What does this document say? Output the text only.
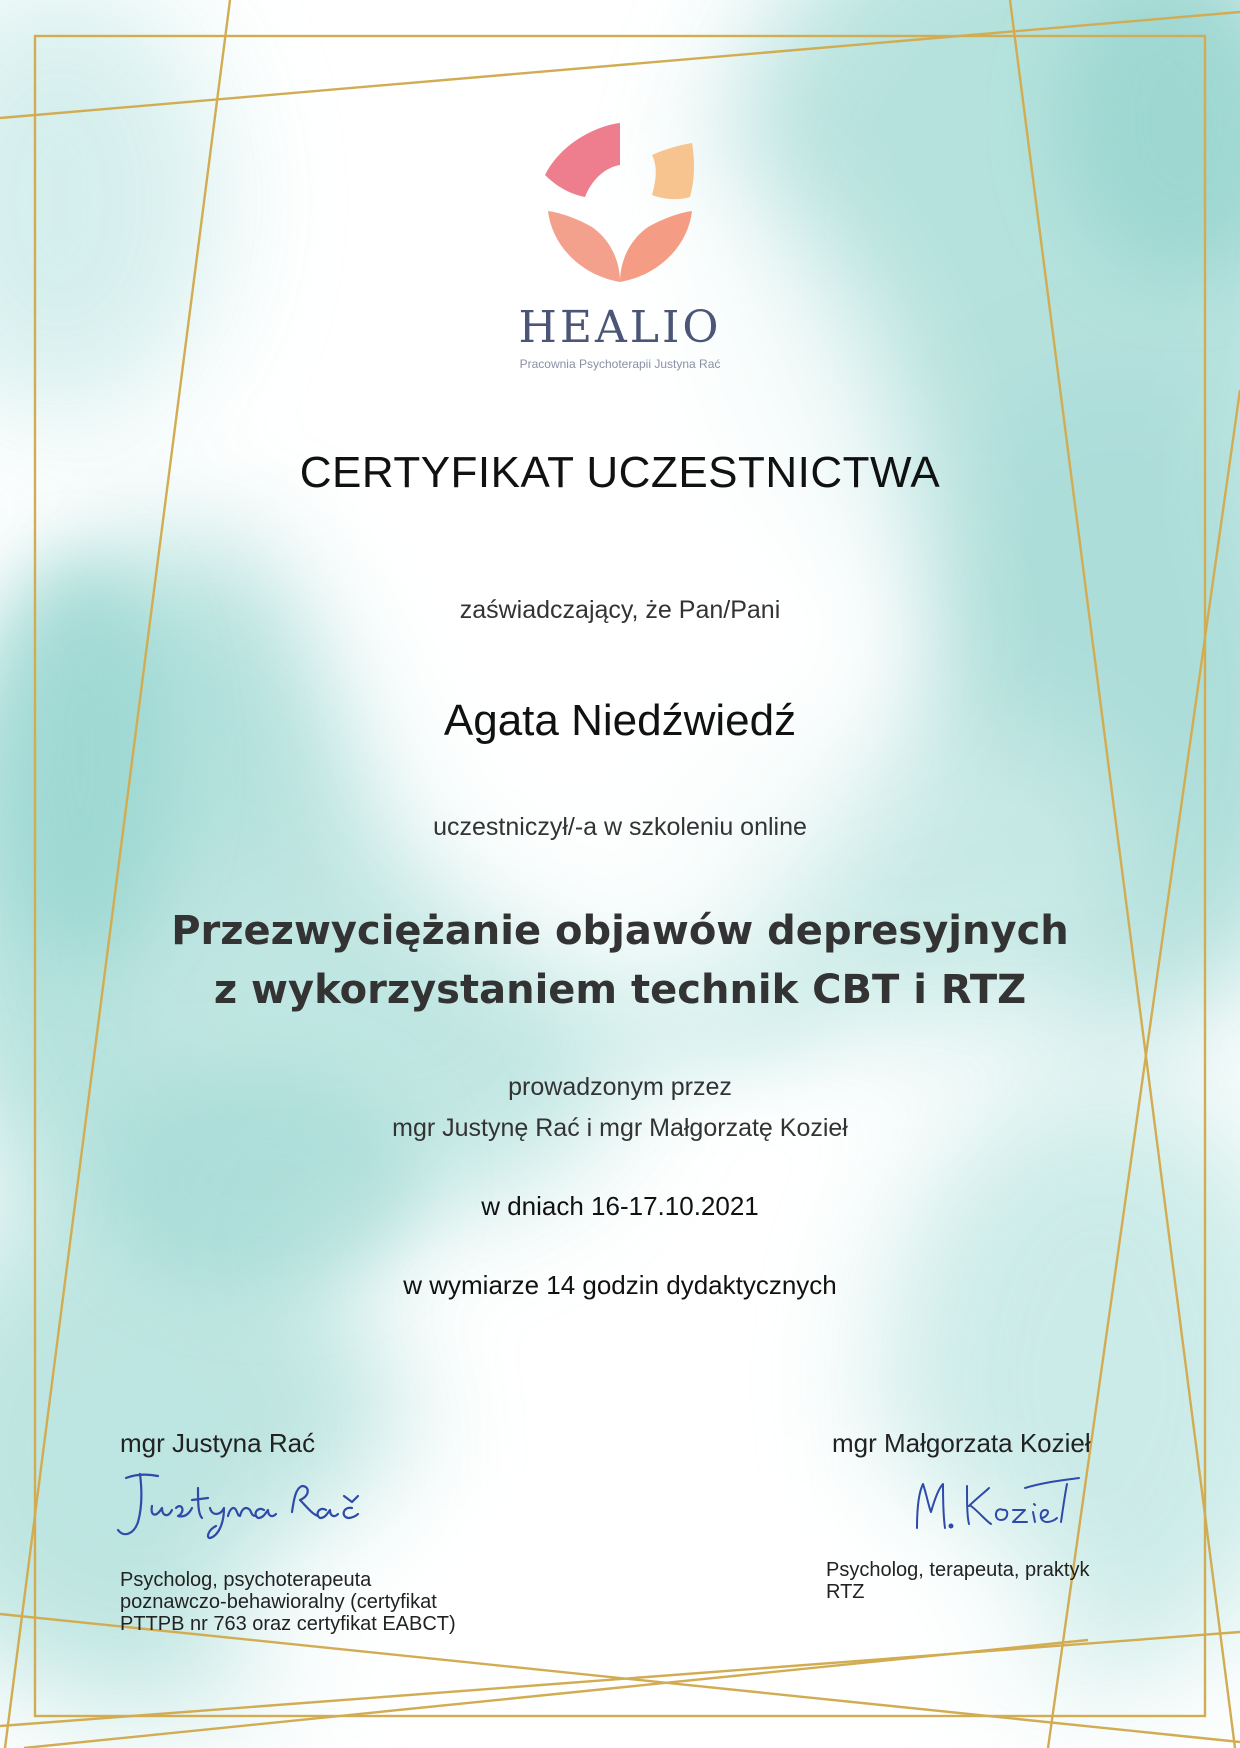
HEALIO
Pracownia Psychoterapii Justyna Rać
CERTYFIKAT UCZESTNICTWA
zaświadczający, że Pan/Pani
Agata Niedźwiedź
uczestniczył/-a w szkoleniu online
Przezwyciężanie objawów depresyjnych
z wykorzystaniem technik CBT i RTZ
prowadzonym przez
mgr Justynę Rać i mgr Małgorzatę Kozieł
w dniach 16-17.10.2021
w wymiarze 14 godzin dydaktycznych
mgr Justyna Rać
Psycholog, psychoterapeuta
poznawczo-behawioralny (certyfikat
PTTPB nr 763 oraz certyfikat EABCT)
mgr Małgorzata Kozieł
Psycholog, terapeuta, praktyk
RTZ
